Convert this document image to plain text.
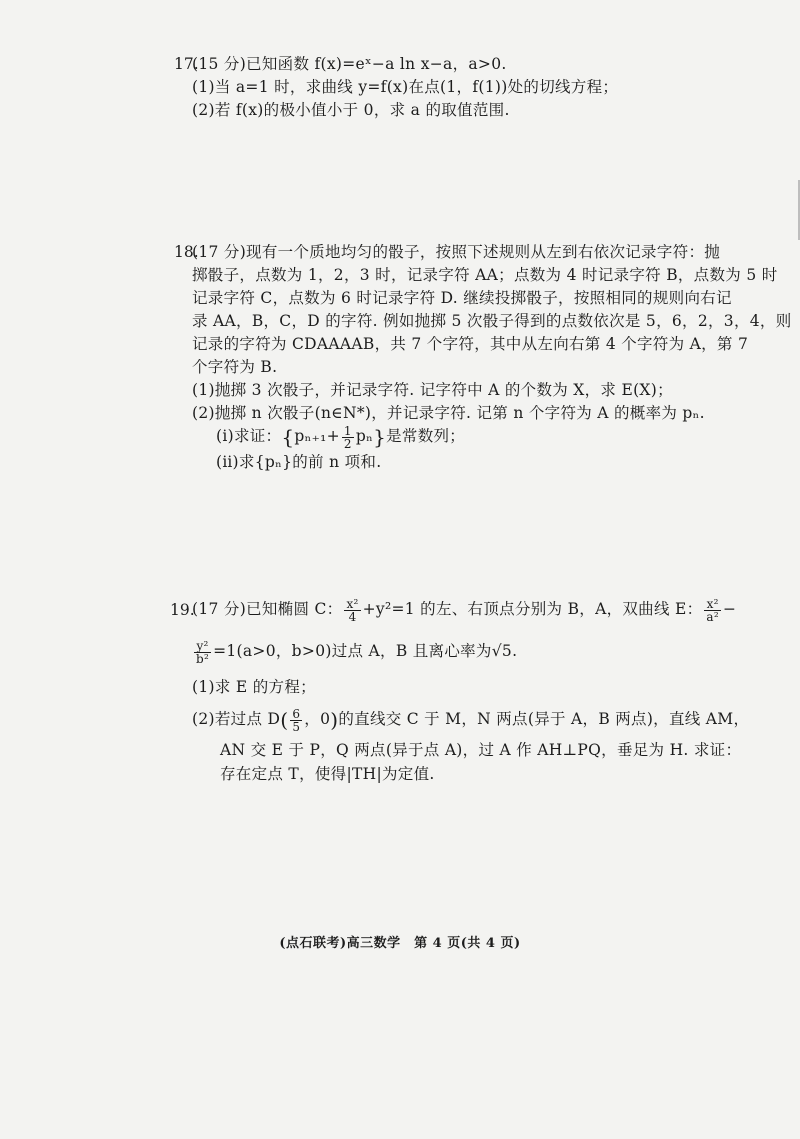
17.
(15 分)已知函数 f(x)=eˣ−a ln x−a，a>0.
(1)当 a=1 时，求曲线 y=f(x)在点(1，f(1))处的切线方程；
(2)若 f(x)的极小值小于 0，求 a 的取值范围.
18.
(17 分)现有一个质地均匀的骰子，按照下述规则从左到右依次记录字符：抛
掷骰子，点数为 1，2，3 时，记录字符 AA；点数为 4 时记录字符 B，点数为 5 时
记录字符 C，点数为 6 时记录字符 D. 继续投掷骰子，按照相同的规则向右记
录 AA，B，C，D 的字符. 例如抛掷 5 次骰子得到的点数依次是 5，6，2，3，4，则
记录的字符为 CDAAAAB，共 7 个字符，其中从左向右第 4 个字符为 A，第 7
个字符为 B.
(1)抛掷 3 次骰子，并记录字符. 记字符中 A 的个数为 X，求 E(X)；
(2)抛掷 n 次骰子(n∈N*)，并记录字符. 记第 n 个字符为 A 的概率为 pₙ.
(ⅰ)求证：$\{p_{n+1}+ \frac{1}{2} p_n\}$是常数列；
(ⅱ)求{pₙ}的前 n 项和.
19.
(17 分)已知椭圆 C： $\frac{\text{x²}}{4} +y^2=1$ 的左、右顶点分别为 B，A，双曲线 E： $\frac{\text{x²}}{\text{a²}}$ −
$\frac{\text{y²}}{\text{b²}} =1(a>0$，b>0)过点 A，B 且离心率为√5.
(1)求 E 的方程；
(2)若过点 $D( \frac{6}{5}$ ，0)的直线交 C 于 M，N 两点(异于 A，B 两点)，直线 AM，
AN 交 E 于 P，Q 两点(异于点 A)，过 A 作 AH⊥PQ，垂足为 H. 求证：
存在定点 T，使得|TH|为定值.
(点石联考)高三数学　第 4 页(共 4 页)
